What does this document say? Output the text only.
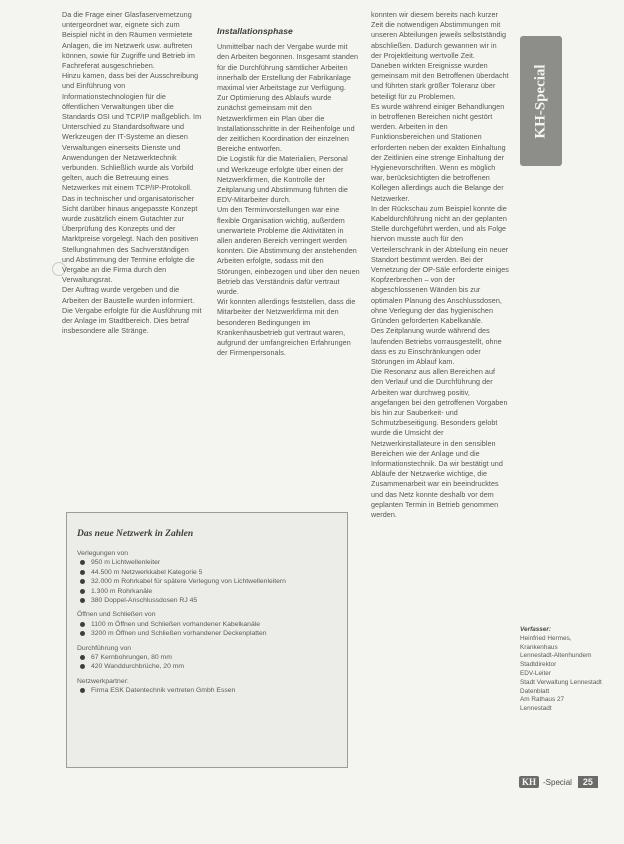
Da die Frage einer Glasfaservernetzung untergeordnet war, eignete sich zum Beispiel nicht in den Räumen vermietete Anlagen, die im Netzwerk usw. auftreten können, sowie für Zugriffe und Betrieb im Fachreferat ausgeschrieben.

Hinzu kamen, dass bei der Ausschreibung und Einführung von Informationstechnologien für die öffentlichen Verwaltungen über die Standards OSI und TCP/IP maßgeblich. Im Unterschied zu Standardsoftware und Werkzeugen der IT-Systeme an diesen Verwaltungen einerseits Dienste und Anwendungen der Netzwerktechnik verbunden. Schließlich wurde als Vorbild gelten, auch die Betreuung eines Netzwerkes mit einem TCP/IP-Protokoll.

Das in technischer und organisatorischer Sicht darüber hinaus angepasste Konzept wurde zusätzlich einem Gutachter zur Überprüfung des Konzepts und der Marktpreise vorgelegt. Nach den positiven Stellungnahmen des Sachverständigen und Abstimmung der Termine erfolgte die Vergabe an die Firma durch den Verwaltungsrat.

Der Auftrag wurde vergeben und die Arbeiten der Baustelle wurden informiert. Die Vergabe erfolgte für die Ausführung mit der Anlage im Stadtbereich. Dies betraf insbesondere alle Stränge.

Installationsphase

Unmittelbar nach der Vergabe wurde mit den Arbeiten begonnen. Insgesamt standen für die Durchführung sämtlicher Arbeiten innerhalb der Erstellung der Fabrikanlage maximal vier Arbeitstage zur Verfügung.

Zur Optimierung des Ablaufs wurde zunächst gemeinsam mit den Netzwerkfirmen ein Plan über die Installationsschritte in der Reihenfolge und der zeitlichen Koordination der einzelnen Bereiche entworfen.

Die Logistik für die Materialien, Personal und Werkzeuge erfolgte über einen der Netzwerkfirmen, die Kontrolle der Zeitplanung und Abstimmung führten die EDV-Mitarbeiter durch.

Um den Terminvorstellungen war eine flexible Organisation wichtig, außerdem unerwartete Probleme die Aktivitäten in allen anderen Bereich verringert werden konnten. Die Abstimmung der anstehenden Arbeiten erfolgte, sodass mit den Störungen, einbezogen und über den neuen Betrieb das Verständnis dafür vertraut wurde.

Wir konnten allerdings feststellen, dass die Mitarbeiter der Netzwerkfirma mit den besonderen Bedingungen im Krankenhausbetrieb gut vertraut waren, aufgrund der umfangreichen Erfahrungen der Firmenpersonals.

konnten wir diesem bereits nach kurzer Zeit die notwendigen Abstimmungen mit unseren Abteilungen jeweils selbstständig abschließen. Dadurch gewannen wir in der Projektleitung wertvolle Zeit.

Daneben wirkten Ereignisse wurden gemeinsam mit den Betroffenen überdacht und führten stark größer Toleranz über beteiligt für zu Problemen.

Es wurde während einiger Behandlungen in betroffenen Bereichen nicht gestört werden. Arbeiten in den Funktionsbereichen und Stationen erforderten neben der exakten Einhaltung der Zeitlinien eine strenge Einhaltung der Hygienevorschriften. Wenn es möglich war, berücksichtigten die betroffenen Kollegen allerdings auch die Belange der Netzwerker.

In der Rückschau zum Beispiel konnte die Kabeldurchführung nicht an der geplanten Stelle durchgeführt werden, und als Folge hiervon musste auch für den Verteilerschrank in der Abteilung ein neuer Standort bestimmt werden. Bei der Vernetzung der OP-Säle erforderte einiges Kopfzerbrechen – von der abgeschlossenen Wänden bis zur optimalen Planung des Anschlussdosen, ohne Verlegung der das hygienischen Gründen geforderten Kabelkanäle.

Des Zeitplanung wurde während des laufenden Betriebs vorrausgestellt, ohne dass es zu Einschränkungen oder Störungen im Ablauf kam.

Die Resonanz aus allen Bereichen auf den Verlauf und die Durchführung der Arbeiten war durchweg positiv, angefangen bei den getroffenen Vorgaben bis hin zur Sauberkeit- und Schmutzbeseitigung. Besonders gelobt wurde die Umsicht der Netzwerkinstallateure in den sensiblen Bereichen wie der Anlage und die Informationstechnik. Da wir bestätigt und Abläufe der Netzwerke wichtige, die Zusammenarbeit war ein beeindrucktes und das Netz konnte deshalb vor dem geplanten Termin in Betrieb genommen werden.

KH-Special
Das neue Netzwerk in Zahlen

Verlegungen von

950 m Lichtwellenleiter

44.500 m Netzwerkkabel Kategorie 5

32.000 m Rohrkabel für spätere Verlegung von Lichtwellenleitern

1.300 m Rohrkanäle

380 Doppel-Anschlussdosen RJ 45

Öffnen und Schließen von

1100 m Öffnen und Schließen vorhandener Kabelkanäle

3200 m Öffnen und Schließen vorhandener Deckenplatten

Durchführung von

67 Kernbohrungen, 80 mm

420 Wanddurchbrüche, 20 mm

Netzwerkpartner:

Firma ESK Datentechnik vertreten Gmbh Essen

Verfasser:
Heinfried Hermes,
Krankenhaus
Lennestadt-Altenhundem
Stadtdirektor
EDV-Leiter
Stadt Verwaltung Lennestadt
Datenblatt
Am Rathaus 27
Lennestadt
KH -Special	25
